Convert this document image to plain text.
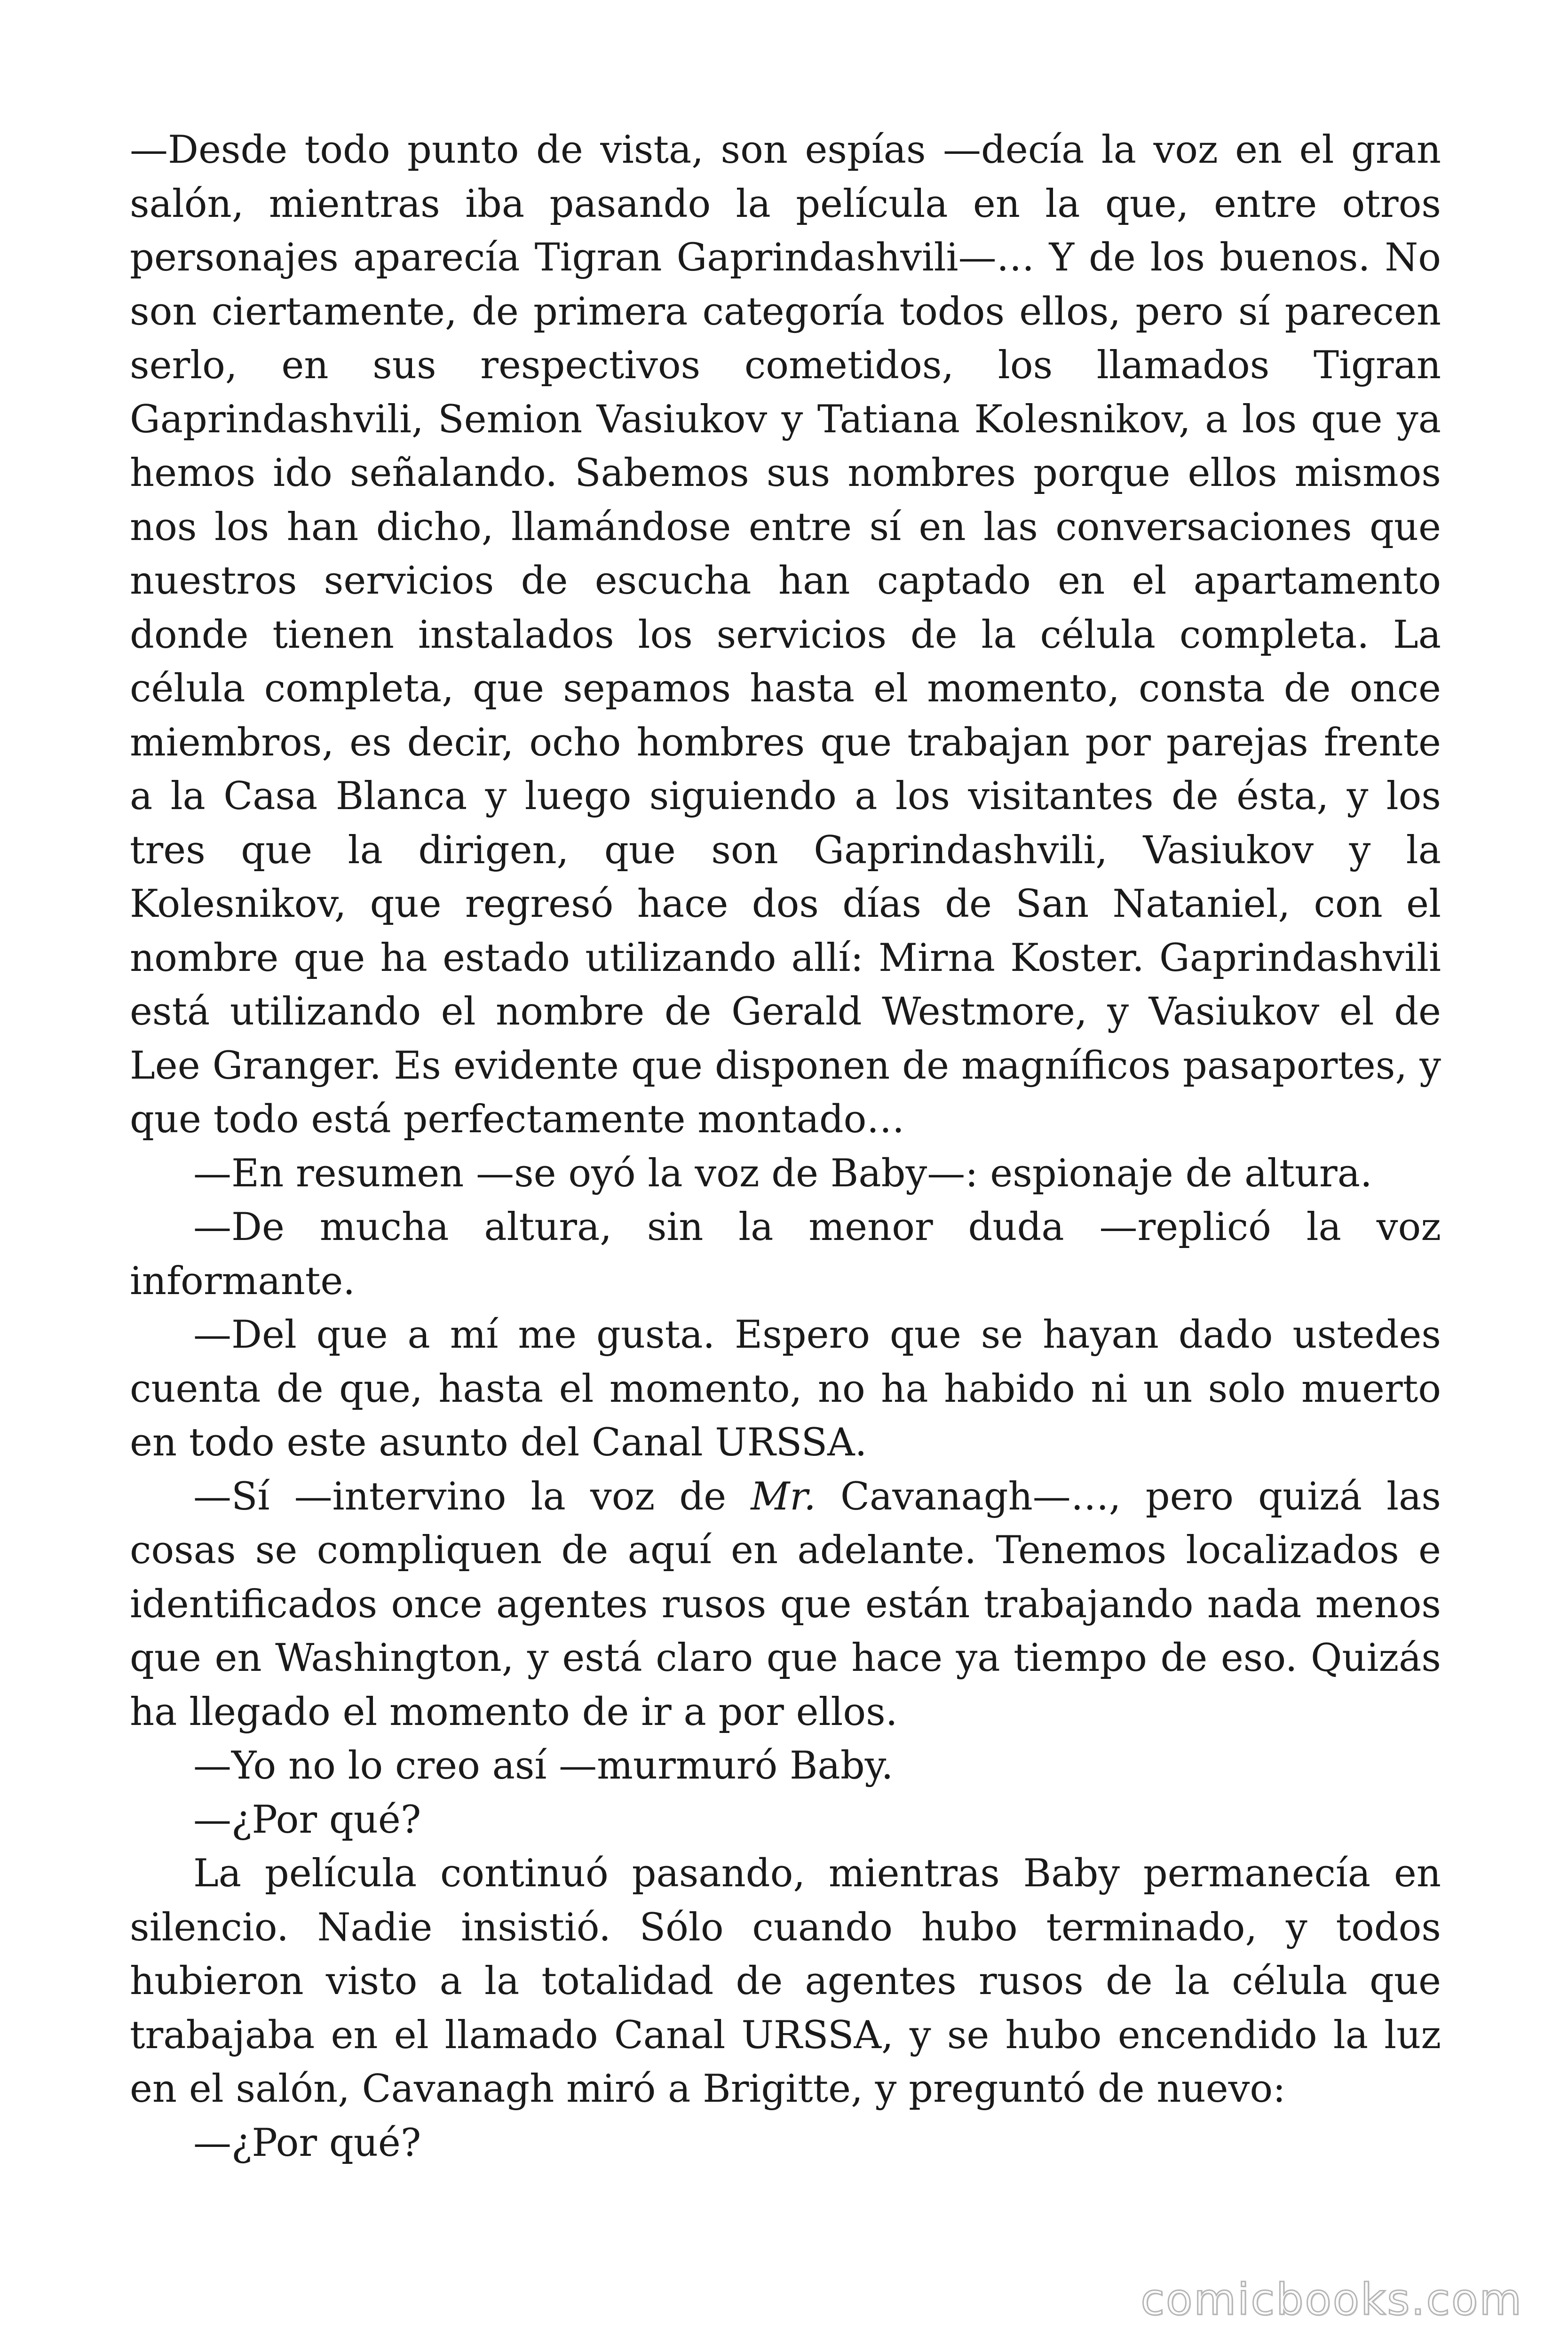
—Desde todo punto de vista, son espías —decía la voz en el gran salón, mientras iba pasando la película en la que, entre otros personajes aparecía Tigran Gaprindashvili—… Y de los buenos. No son ciertamente, de primera categoría todos ellos, pero sí parecen serlo, en sus respectivos cometidos, los llamados Tigran Gaprindashvili, Semion Vasiukov y Tatiana Kolesnikov, a los que ya hemos ido señalando. Sabemos sus nombres porque ellos mismos nos los han dicho, llamándose entre sí en las conversaciones que nuestros servicios de escucha han captado en el apartamento donde tienen instalados los servicios de la célula completa. La célula completa, que sepamos hasta el momento, consta de once miembros, es decir, ocho hombres que trabajan por parejas frente a la Casa Blanca y luego siguiendo a los visitantes de ésta, y los tres que la dirigen, que son Gaprindashvili, Vasiukov y la Kolesnikov, que regresó hace dos días de San Nataniel, con el nombre que ha estado utilizando allí: Mirna Koster. Gaprindashvili está utilizando el nombre de Gerald Westmore, y Vasiukov el de Lee Granger. Es evidente que disponen de magníficos pasaportes, y que todo está perfectamente montado…

—En resumen —se oyó la voz de Baby—: espionaje de altura.

—De mucha altura, sin la menor duda —replicó la voz informante.

—Del que a mí me gusta. Espero que se hayan dado ustedes cuenta de que, hasta el momento, no ha habido ni un solo muerto en todo este asunto del Canal URSSA.

—Sí —intervino la voz de Mr. Cavanagh—…, pero quizá las cosas se compliquen de aquí en adelante. Tenemos localizados e identificados once agentes rusos que están trabajando nada menos que en Washington, y está claro que hace ya tiempo de eso. Quizás ha llegado el momento de ir a por ellos.

—Yo no lo creo así —murmuró Baby.

—¿Por qué?

La película continuó pasando, mientras Baby permanecía en silencio. Nadie insistió. Sólo cuando hubo terminado, y todos hubieron visto a la totalidad de agentes rusos de la célula que trabajaba en el llamado Canal URSSA, y se hubo encendido la luz en el salón, Cavanagh miró a Brigitte, y preguntó de nuevo:

—¿Por qué?

comicbooks.com
